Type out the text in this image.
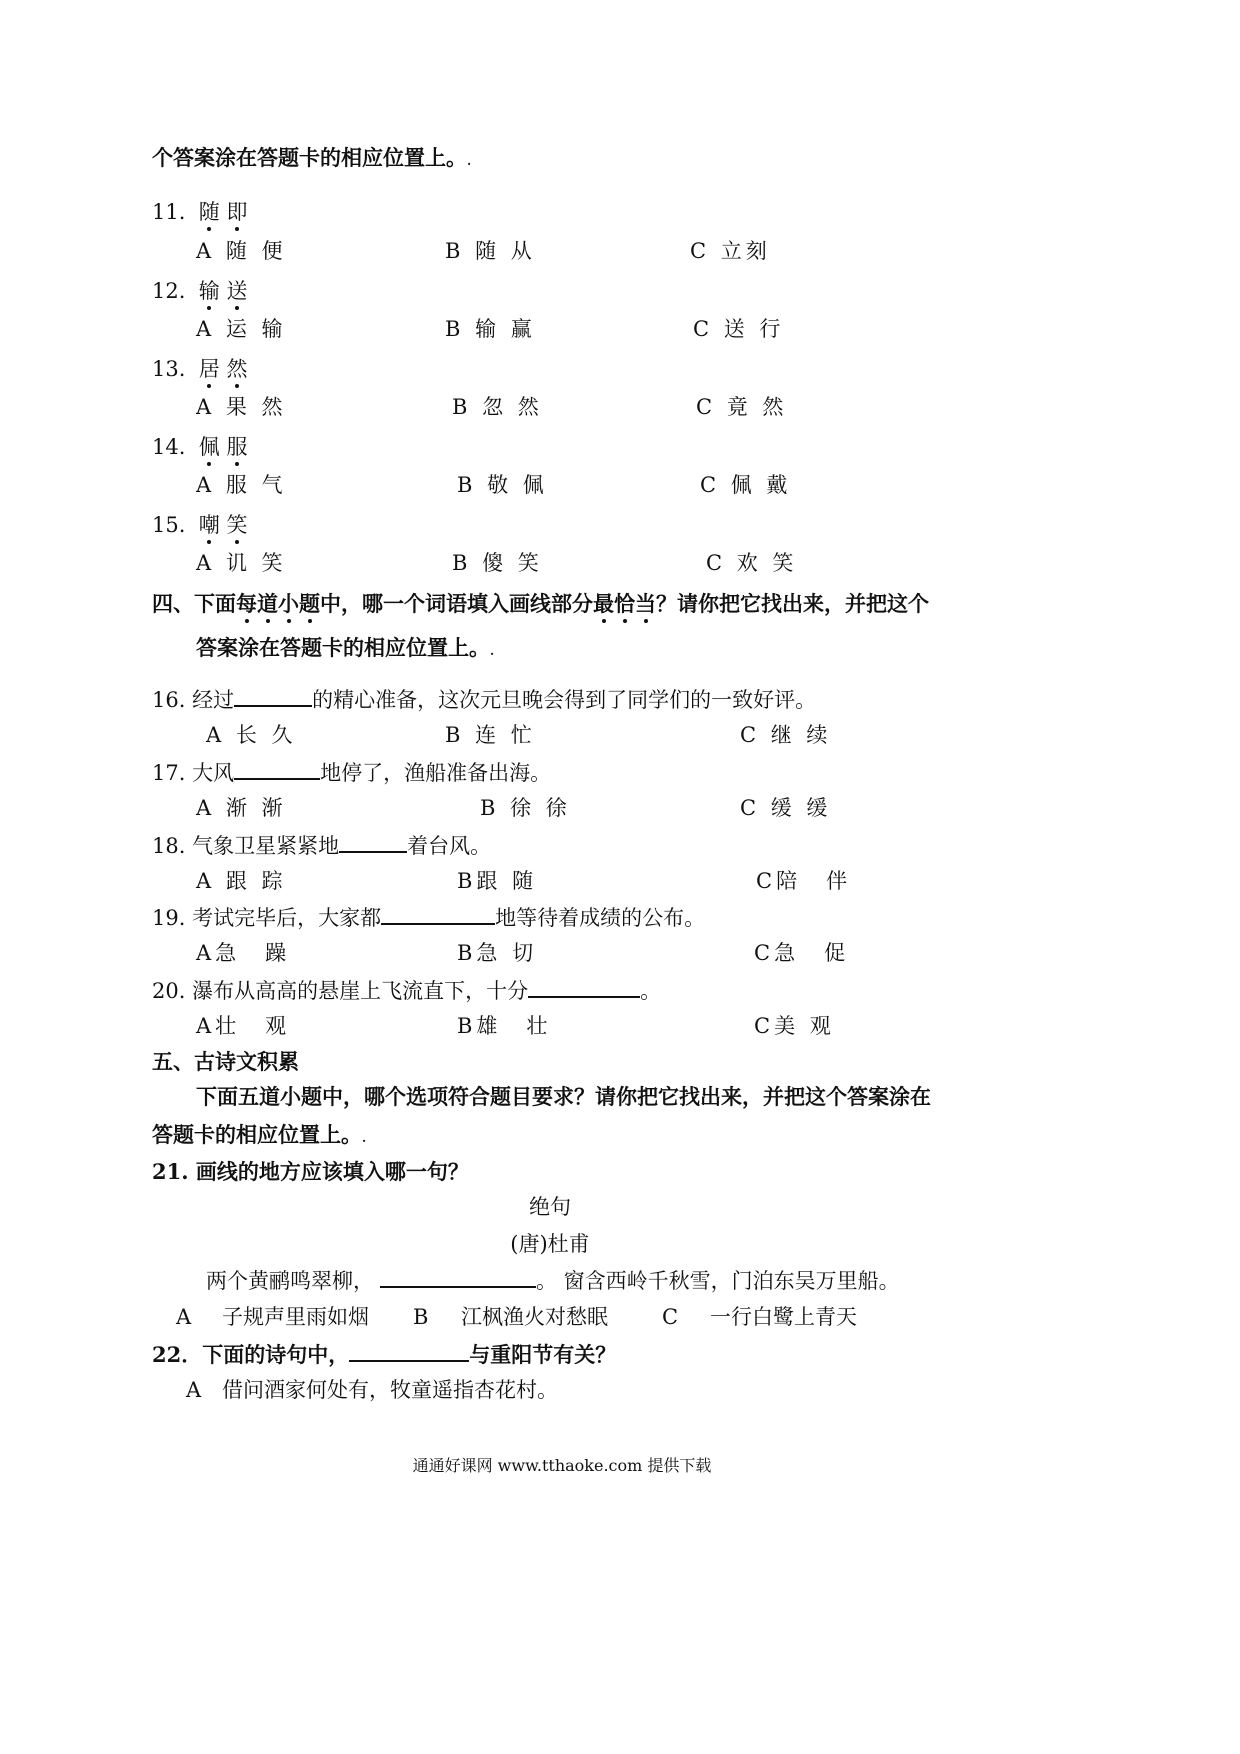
个答案涂在答题卡的相应位置上。.
11. 随 即
A 随 便	B 随 从	C 立刻
12. 输 送
A 运 输	B 输 赢	C 送 行
13. 居 然
A 果 然	B 忽 然	C 竟 然
14. 佩 服
A 服 气	B 敬 佩	C 佩 戴
15. 嘲 笑
A 讥 笑	B 傻 笑	C 欢 笑
四、下面每道小题中，哪一个词语填入画线部分最恰当？请你把它找出来，并把这个
答案涂在答题卡的相应位置上。.
16. 经过	的精心准备，这次元旦晚会得到了同学们的一致好评。
A 长 久	B 连 忙	C 继 续
17. 大风	地停了，渔船准备出海。
A 渐 渐	B 徐 徐	C 缓 缓
18. 气象卫星紧紧地	着台风。
A 跟 踪	B跟 随	C陪　伴
19. 考试完毕后，大家都	地等待着成绩的公布。
A急　躁	B急 切	C急　促
20. 瀑布从高高的悬崖上飞流直下，十分	。
A壮　观	B雄　壮	C美 观
五、古诗文积累
下面五道小题中，哪个选项符合题目要求？请你把它找出来，并把这个答案涂在
答题卡的相应位置上。.
21. 画线的地方应该填入哪一句？
绝句
(唐)杜甫
两个黄鹂鸣翠柳，	。 窗含西岭千秋雪，门泊东吴万里船。
A 子规声里雨如烟 B 江枫渔火对愁眠	C 一行白鹭上青天
22．下面的诗句中，	与重阳节有关？
A 借问酒家何处有，牧童遥指杏花村。
通通好课网 www.tthaoke.com 提供下载
